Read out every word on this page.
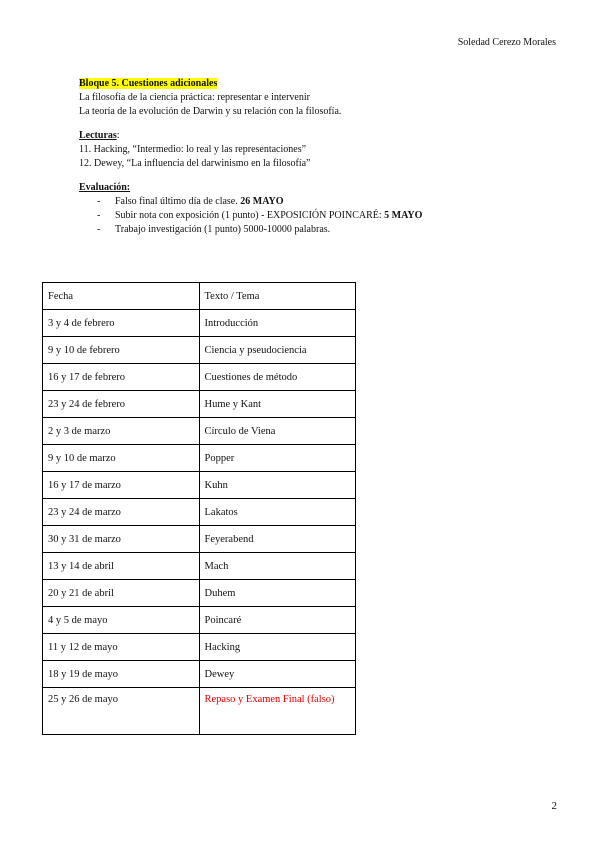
Soledad Cerezo Morales
Bloque 5. Cuestiones adicionales
La filosofía de la ciencia práctica: representar e intervenir
La teoría de la evolución de Darwin y su relación con la filosofía.
Lecturas:
11. Hacking, “Intermedio: lo real y las representaciones”
12. Dewey, “La influencia del darwinismo en la filosofía”
Evaluación:
- Falso final último día de clase. 26 MAYO
- Subir nota con exposición (1 punto) - EXPOSICIÓN POINCARÉ: 5 MAYO
- Trabajo investigación (1 punto) 5000-10000 palabras.
Fecha	Texto / Tema
3 y 4 de febrero	Introducción
9 y 10 de febrero	Ciencia y pseudociencia
16 y 17 de febrero	Cuestiones de método
23 y 24 de febrero	Hume y Kant
2 y 3 de marzo	Círculo de Viena
9 y 10 de marzo	Popper
16 y 17 de marzo	Kuhn
23 y 24 de marzo	Lakatos
30 y 31 de marzo	Feyerabend
13 y 14 de abril	Mach
20 y 21 de abril	Duhem
4 y 5 de mayo	Poincaré
11 y 12 de mayo	Hacking
18 y 19 de mayo	Dewey
25 y 26 de mayo	Repaso y Examen Final (falso)
2
